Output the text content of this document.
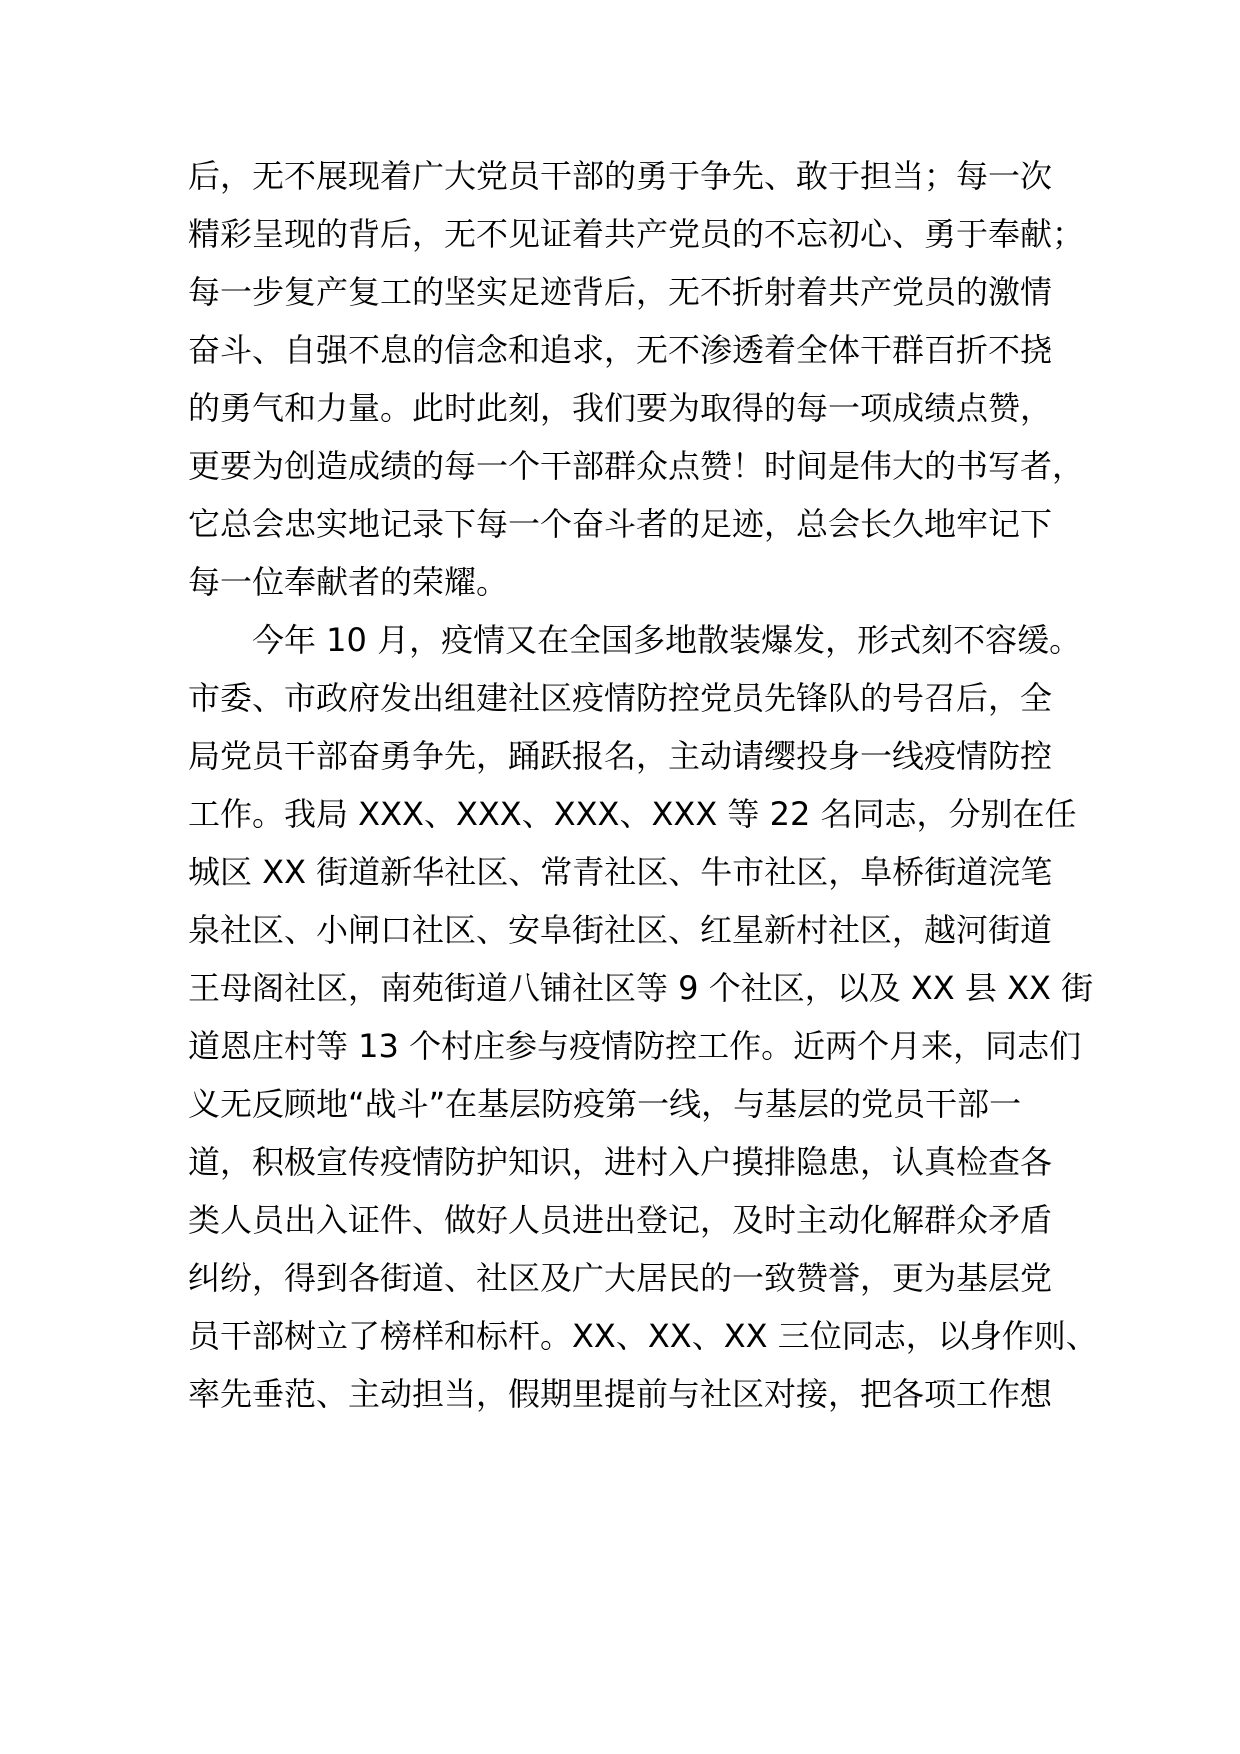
后，无不展现着广大党员干部的勇于争先、敢于担当；每一次
精彩呈现的背后，无不见证着共产党员的不忘初心、勇于奉献；
每一步复产复工的坚实足迹背后，无不折射着共产党员的激情
奋斗、自强不息的信念和追求，无不渗透着全体干群百折不挠
的勇气和力量。此时此刻，我们要为取得的每一项成绩点赞，
更要为创造成绩的每一个干部群众点赞！时间是伟大的书写者，
它总会忠实地记录下每一个奋斗者的足迹，总会长久地牢记下
每一位奉献者的荣耀。
今年 10 月，疫情又在全国多地散装爆发，形式刻不容缓。
市委、市政府发出组建社区疫情防控党员先锋队的号召后，全
局党员干部奋勇争先，踊跃报名，主动请缨投身一线疫情防控
工作。我局 XXX、XXX、XXX、XXX 等 22 名同志，分别在任
城区 XX 街道新华社区、常青社区、牛市社区，阜桥街道浣笔
泉社区、小闸口社区、安阜街社区、红星新村社区，越河街道
王母阁社区，南苑街道八铺社区等 9 个社区，以及 XX 县 XX 街
道恩庄村等 13 个村庄参与疫情防控工作。近两个月来，同志们
义无反顾地“战斗”在基层防疫第一线，与基层的党员干部一
道，积极宣传疫情防护知识，进村入户摸排隐患，认真检查各
类人员出入证件、做好人员进出登记，及时主动化解群众矛盾
纠纷，得到各街道、社区及广大居民的一致赞誉，更为基层党
员干部树立了榜样和标杆。XX、XX、XX 三位同志，以身作则、
率先垂范、主动担当，假期里提前与社区对接，把各项工作想
